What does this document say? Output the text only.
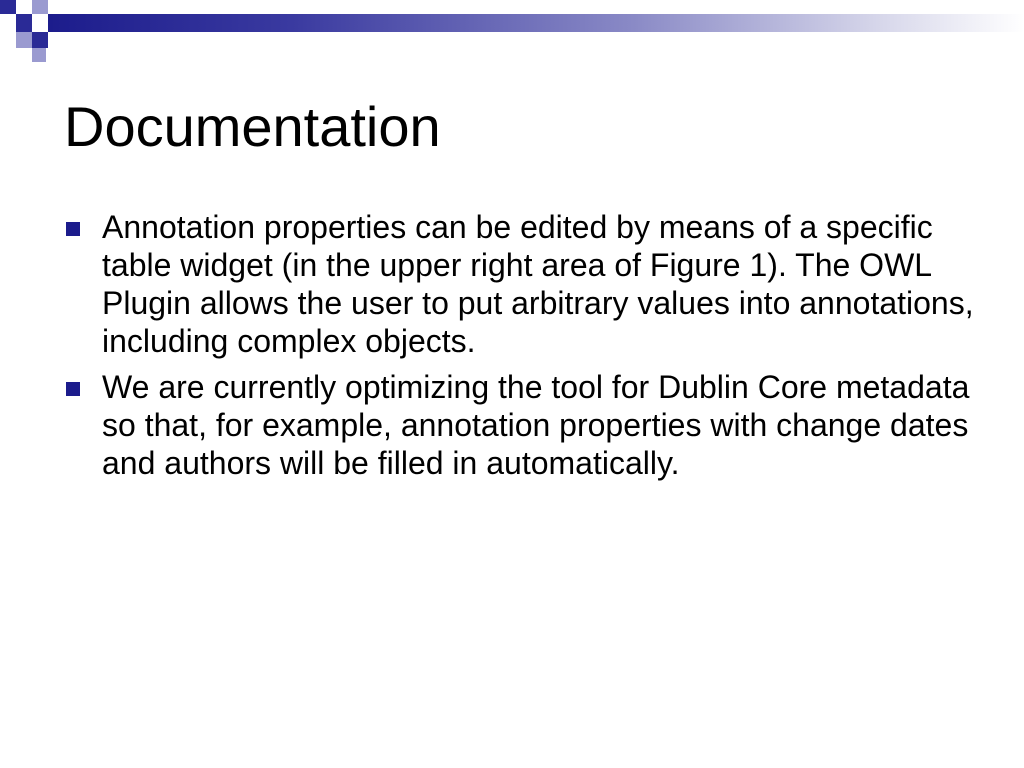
Documentation
Annotation properties can be edited by means of a specific table widget (in the upper right area of Figure 1). The OWL Plugin allows the user to put arbitrary values into annotations, including complex objects.
We are currently optimizing the tool for Dublin Core metadata so that, for example, annotation properties with change dates and authors will be filled in automatically.
